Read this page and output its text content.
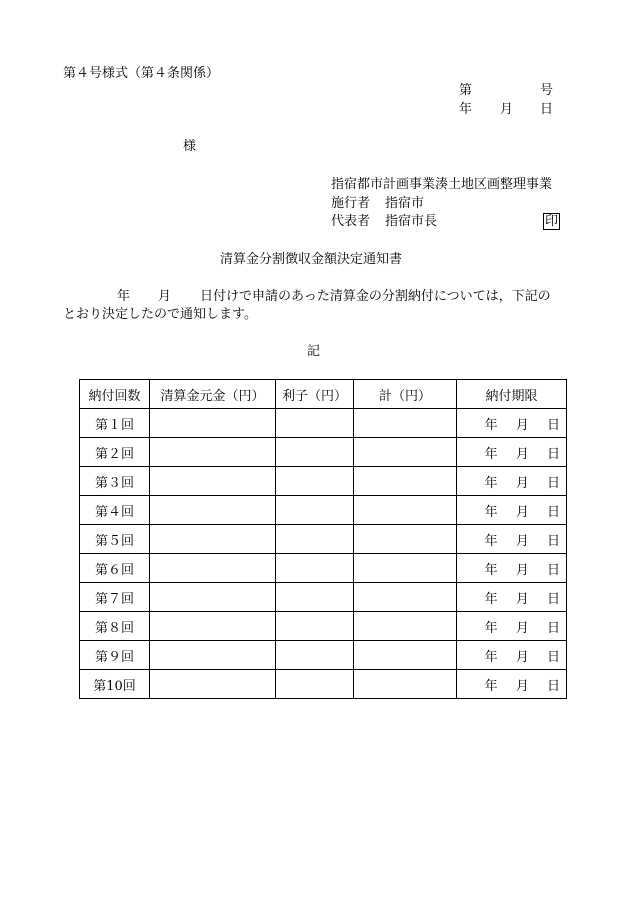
第４号様式（第４条関係）
第	号
年 月 日
様
指宿都市計画事業湊土地区画整理事業
施行者 指宿市
代表者 指宿市長	印
清算金分割徴収金額決定通知書
年 月 日付けで申請のあった清算金の分割納付については，下記の
とおり決定したので通知します。
記
納付回数	清算金元金（円）	利子（円）	計（円）	納付期限
第１回				年 月 日
第２回				年 月 日
第３回				年 月 日
第４回				年 月 日
第５回				年 月 日
第６回				年 月 日
第７回				年 月 日
第８回				年 月 日
第９回				年 月 日
第10回				年 月 日
